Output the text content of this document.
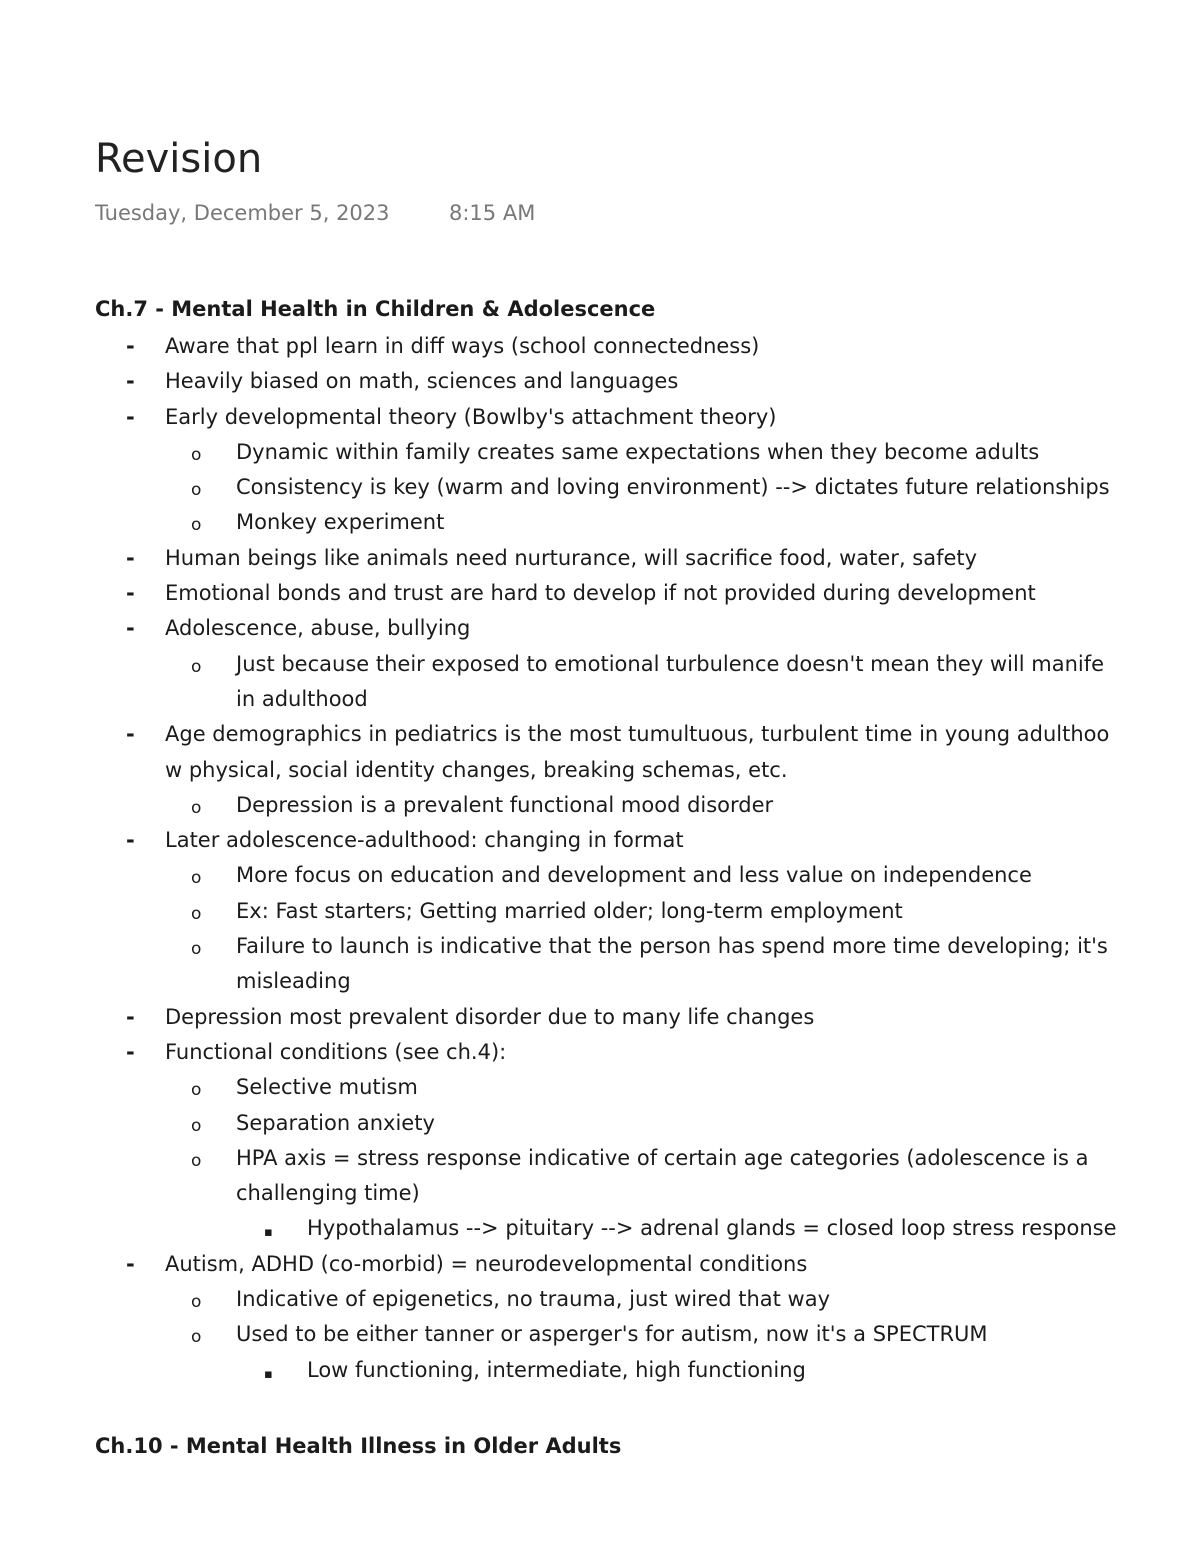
Revision
Tuesday, December 5, 2023	8:15 AM
Ch.7 - Mental Health in Children & Adolescence
- Aware that ppl learn in diff ways (school connectedness)
- Heavily biased on math, sciences and languages
- Early developmental theory (Bowlby's attachment theory)
o Dynamic within family creates same expectations when they become adults
o Consistency is key (warm and loving environment) --> dictates future relationships
o Monkey experiment
- Human beings like animals need nurturance, will sacrifice food, water, safety
- Emotional bonds and trust are hard to develop if not provided during development
- Adolescence, abuse, bullying
o Just because their exposed to emotional turbulence doesn't mean they will manife
in adulthood
- Age demographics in pediatrics is the most tumultuous, turbulent time in young adulthoo
w physical, social identity changes, breaking schemas, etc.
o Depression is a prevalent functional mood disorder
- Later adolescence-adulthood: changing in format
o More focus on education and development and less value on independence
o Ex: Fast starters; Getting married older; long-term employment
o Failure to launch is indicative that the person has spend more time developing; it's
misleading
- Depression most prevalent disorder due to many life changes
- Functional conditions (see ch.4):
o Selective mutism
o Separation anxiety
o HPA axis = stress response indicative of certain age categories (adolescence is a
challenging time)
▪ Hypothalamus --> pituitary --> adrenal glands = closed loop stress response
- Autism, ADHD (co-morbid) = neurodevelopmental conditions
o Indicative of epigenetics, no trauma, just wired that way
o Used to be either tanner or asperger's for autism, now it's a SPECTRUM
▪ Low functioning, intermediate, high functioning
Ch.10 - Mental Health Illness in Older Adults
